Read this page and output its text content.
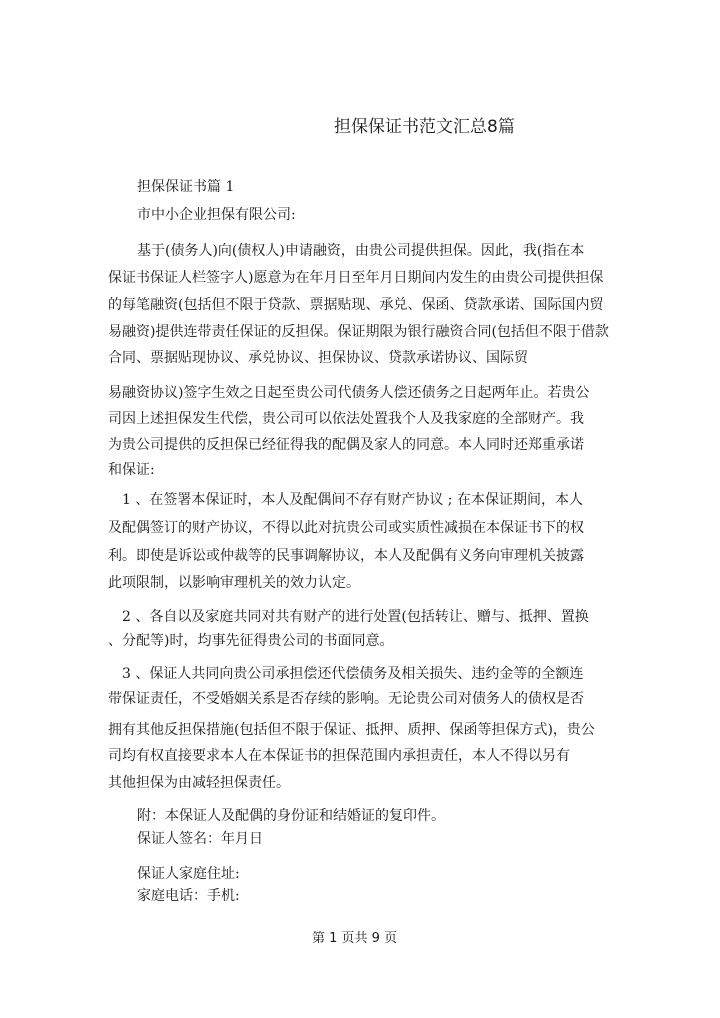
担保保证书范文汇总8篇
担保保证书篇 1
市中小企业担保有限公司:
基于(债务人)向(债权人)申请融资，由贵公司提供担保。因此，我(指在本
保证书保证人栏签字人)愿意为在年月日至年月日期间内发生的由贵公司提供担保
的每笔融资(包括但不限于贷款、票据贴现、承兑、保函、贷款承诺、国际国内贸
易融资)提供连带责任保证的反担保。保证期限为银行融资合同(包括但不限于借款
合同、票据贴现协议、承兑协议、担保协议、贷款承诺协议、国际贸
易融资协议)签字生效之日起至贵公司代债务人偿还债务之日起两年止。若贵公
司因上述担保发生代偿，贵公司可以依法处置我个人及我家庭的全部财产。我
为贵公司提供的反担保已经征得我的配偶及家人的同意。本人同时还郑重承诺
和保证:
1 、在签署本保证时，本人及配偶间不存有财产协议 ; 在本保证期间，本人
及配偶签订的财产协议，不得以此对抗贵公司或实质性减损在本保证书下的权
利。即使是诉讼或仲裁等的民事调解协议，本人及配偶有义务向审理机关披露
此项限制，以影响审理机关的效力认定。
2 、各自以及家庭共同对共有财产的进行处置(包括转让、赠与、抵押、置换
、分配等)时，均事先征得贵公司的书面同意。
3 、保证人共同向贵公司承担偿还代偿债务及相关损失、违约金等的全额连
带保证责任，不受婚姻关系是否存续的影响。无论贵公司对债务人的债权是否
拥有其他反担保措施(包括但不限于保证、抵押、质押、保函等担保方式)，贵公
司均有权直接要求本人在本保证书的担保范围内承担责任，本人不得以另有
其他担保为由减轻担保责任。
附：本保证人及配偶的身份证和结婚证的复印件。
保证人签名：年月日
保证人家庭住址:
家庭电话：手机:
第 1 页共 9 页
